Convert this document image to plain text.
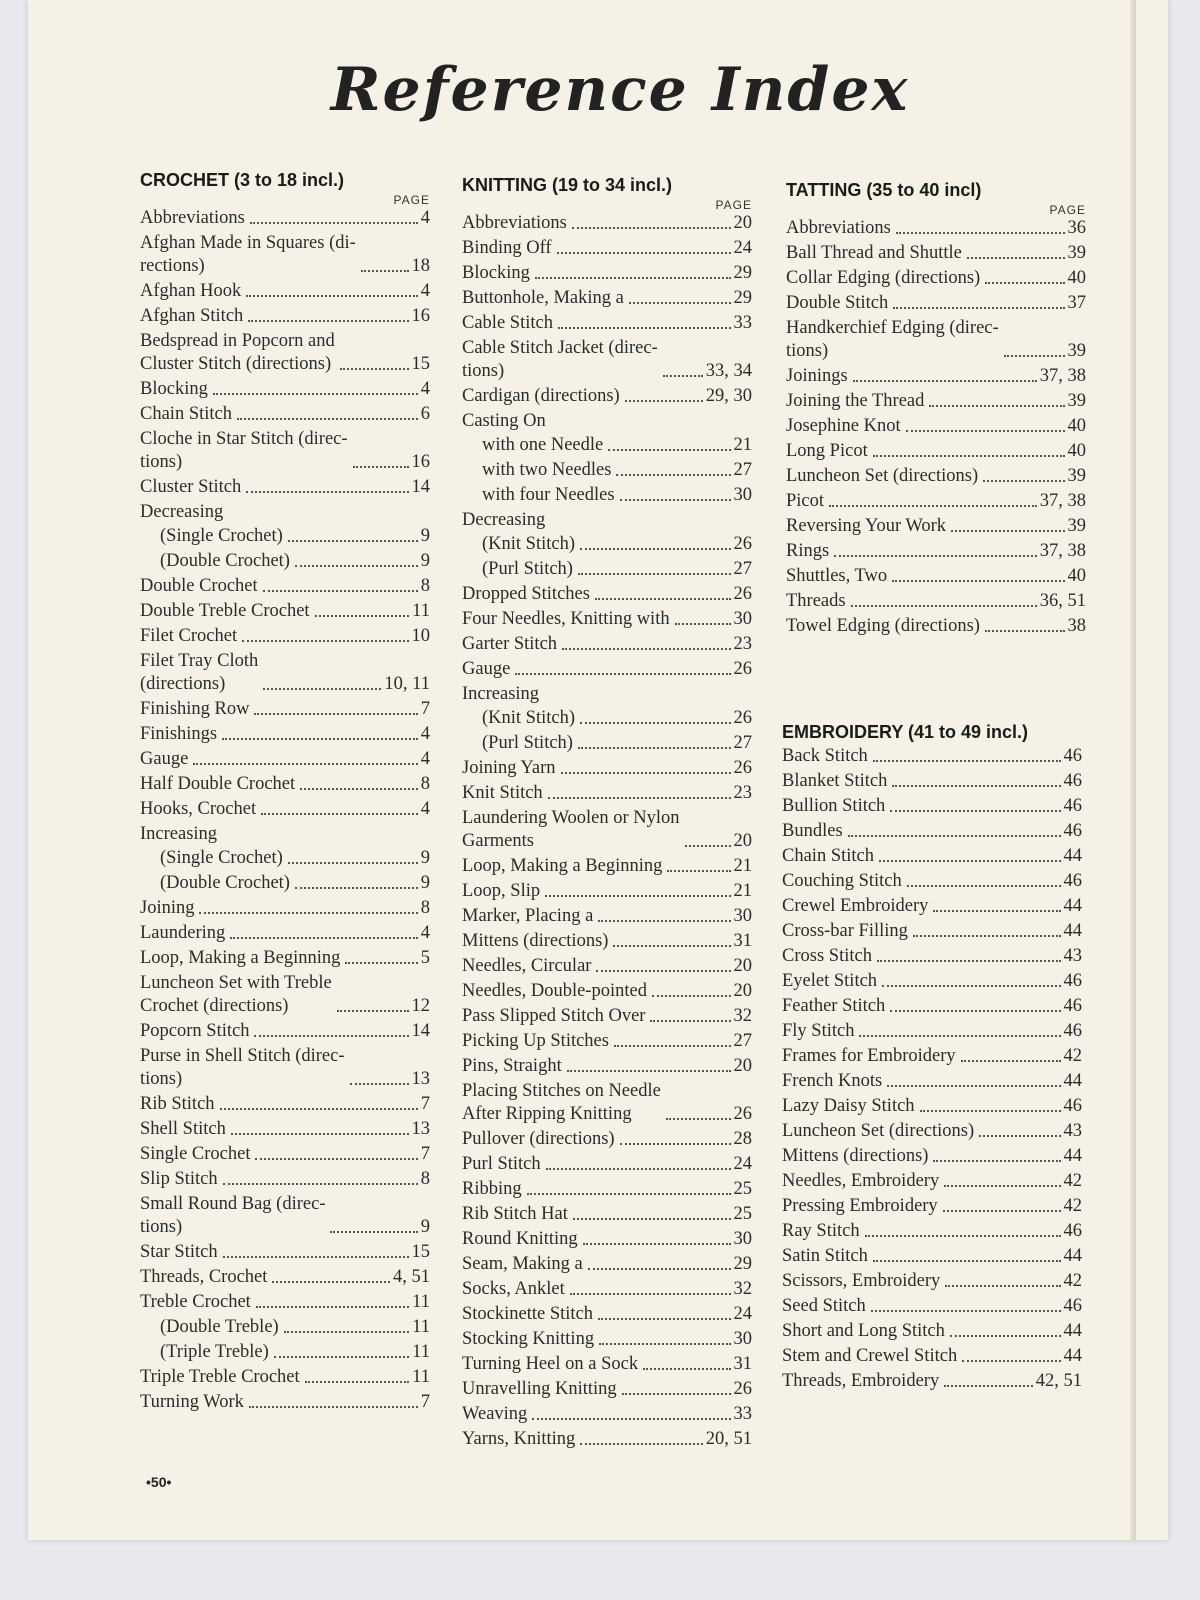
Reference Index
CROCHET (3 to 18 incl.)
PAGE
Abbreviations	4
Afghan Made in Squares (di-
rections)	18
Afghan Hook	4
Afghan Stitch	16
Bedspread in Popcorn and
Cluster Stitch (directions)	15
Blocking	4
Chain Stitch	6
Cloche in Star Stitch (direc-
tions)	16
Cluster Stitch	14
Decreasing
(Single Crochet)	9
(Double Crochet)	9
Double Crochet	8
Double Treble Crochet	11
Filet Crochet	10
Filet Tray Cloth
(directions)	10, 11
Finishing Row	7
Finishings	4
Gauge	4
Half Double Crochet	8
Hooks, Crochet	4
Increasing
(Single Crochet)	9
(Double Crochet)	9
Joining	8
Laundering	4
Loop, Making a Beginning	5
Luncheon Set with Treble
Crochet (directions)	12
Popcorn Stitch	14
Purse in Shell Stitch (direc-
tions)	13
Rib Stitch	7
Shell Stitch	13
Single Crochet	7
Slip Stitch	8
Small Round Bag (direc-
tions)	9
Star Stitch	15
Threads, Crochet	4, 51
Treble Crochet	11
(Double Treble)	11
(Triple Treble)	11
Triple Treble Crochet	11
Turning Work	7
KNITTING (19 to 34 incl.)
PAGE
Abbreviations	20
Binding Off	24
Blocking	29
Buttonhole, Making a	29
Cable Stitch	33
Cable Stitch Jacket (direc-
tions)	33, 34
Cardigan (directions)	29, 30
Casting On
with one Needle	21
with two Needles	27
with four Needles	30
Decreasing
(Knit Stitch)	26
(Purl Stitch)	27
Dropped Stitches	26
Four Needles, Knitting with	30
Garter Stitch	23
Gauge	26
Increasing
(Knit Stitch)	26
(Purl Stitch)	27
Joining Yarn	26
Knit Stitch	23
Laundering Woolen or Nylon
Garments	20
Loop, Making a Beginning	21
Loop, Slip	21
Marker, Placing a	30
Mittens (directions)	31
Needles, Circular	20
Needles, Double-pointed	20
Pass Slipped Stitch Over	32
Picking Up Stitches	27
Pins, Straight	20
Placing Stitches on Needle
After Ripping Knitting	26
Pullover (directions)	28
Purl Stitch	24
Ribbing	25
Rib Stitch Hat	25
Round Knitting	30
Seam, Making a	29
Socks, Anklet	32
Stockinette Stitch	24
Stocking Knitting	30
Turning Heel on a Sock	31
Unravelling Knitting	26
Weaving	33
Yarns, Knitting	20, 51
TATTING (35 to 40 incl)
PAGE
Abbreviations	36
Ball Thread and Shuttle	39
Collar Edging (directions)	40
Double Stitch	37
Handkerchief Edging (direc-
tions)	39
Joinings	37, 38
Joining the Thread	39
Josephine Knot	40
Long Picot	40
Luncheon Set (directions)	39
Picot	37, 38
Reversing Your Work	39
Rings	37, 38
Shuttles, Two	40
Threads	36, 51
Towel Edging (directions)	38
EMBROIDERY (41 to 49 incl.)
Back Stitch	46
Blanket Stitch	46
Bullion Stitch	46
Bundles	46
Chain Stitch	44
Couching Stitch	46
Crewel Embroidery	44
Cross-bar Filling	44
Cross Stitch	43
Eyelet Stitch	46
Feather Stitch	46
Fly Stitch	46
Frames for Embroidery	42
French Knots	44
Lazy Daisy Stitch	46
Luncheon Set (directions)	43
Mittens (directions)	44
Needles, Embroidery	42
Pressing Embroidery	42
Ray Stitch	46
Satin Stitch	44
Scissors, Embroidery	42
Seed Stitch	46
Short and Long Stitch	44
Stem and Crewel Stitch	44
Threads, Embroidery	42, 51
•50•
